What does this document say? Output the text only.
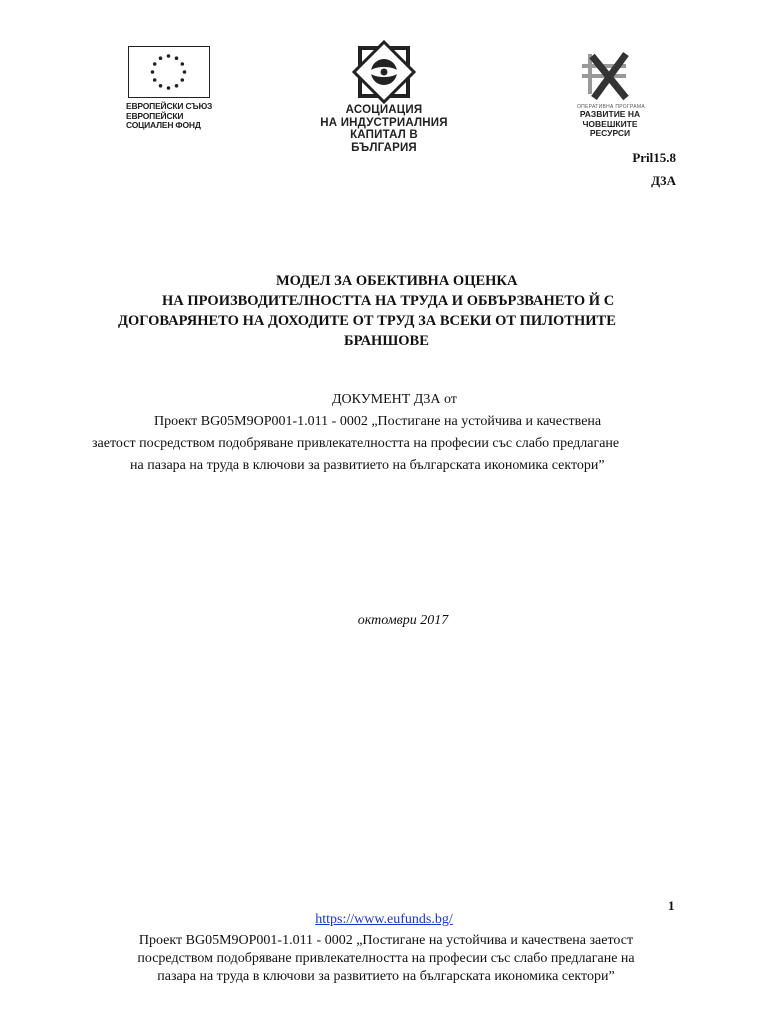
ЕВРОПЕЙСКИ СЪЮЗ
ЕВРОПЕЙСКИ
СОЦИАЛЕН ФОНД
АСОЦИАЦИЯ
НА ИНДУСТРИАЛНИЯ
КАПИТАЛ В БЪЛГАРИЯ
ОПЕРАТИВНА ПРОГРАМА
РАЗВИТИЕ НА
ЧОВЕШКИТЕ РЕСУРСИ
Pril15.8
Д3А
МОДЕЛ ЗА ОБЕКТИВНА ОЦЕНКА
НА ПРОИЗВОДИТЕЛНОСТТА НА ТРУДА И ОБВЪРЗВАНЕТО Й С
ДОГОВАРЯНЕТО НА ДОХОДИТЕ ОТ ТРУД ЗА ВСЕКИ ОТ ПИЛОТНИТЕ
БРАНШОВЕ
ДОКУМЕНТ Д3А от
Проект BG05M9OP001-1.011 - 0002 „Постигане на устойчива и качествена
заетост посредством подобряване привлекателността на професии със слабо предлагане
на пазара на труда в ключови за развитието на българската икономика сектори”
октомври 2017
1
https://www.eufunds.bg/
Проект BG05M9OP001-1.011 - 0002 „Постигане на устойчива и качествена заетост
посредством подобряване привлекателността на професии със слабо предлагане на
пазара на труда в ключови за развитието на българската икономика сектори”
